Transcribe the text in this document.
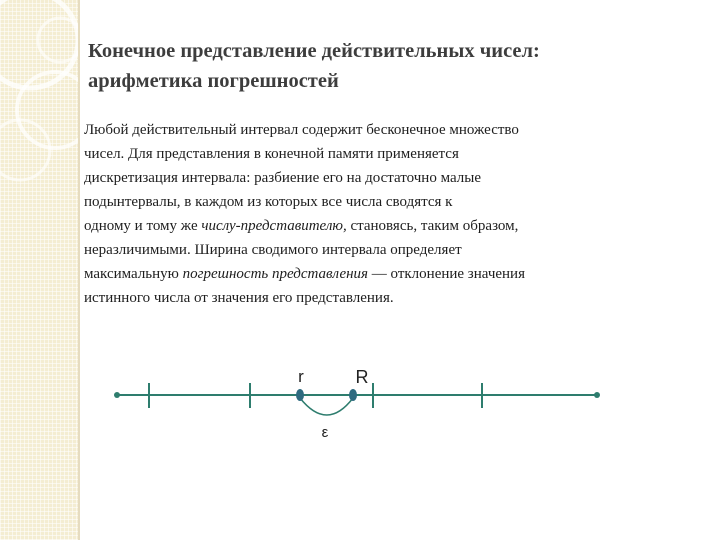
Конечное представление действительных чисел:
арифметика погрешностей

Любой действительный интервал содержит бесконечное множество
чисел. Для представления в конечной памяти применяется
дискретизация интервала: разбиение его на достаточно малые
подынтервалы, в каждом из которых все числа сводятся к
одному и тому же числу-представителю, становясь, таким образом,
неразличимыми. Ширина сводимого интервала определяет
максимальную погрешность представления — отклонение значения
истинного числа от значения его представления.

r	R
ε
